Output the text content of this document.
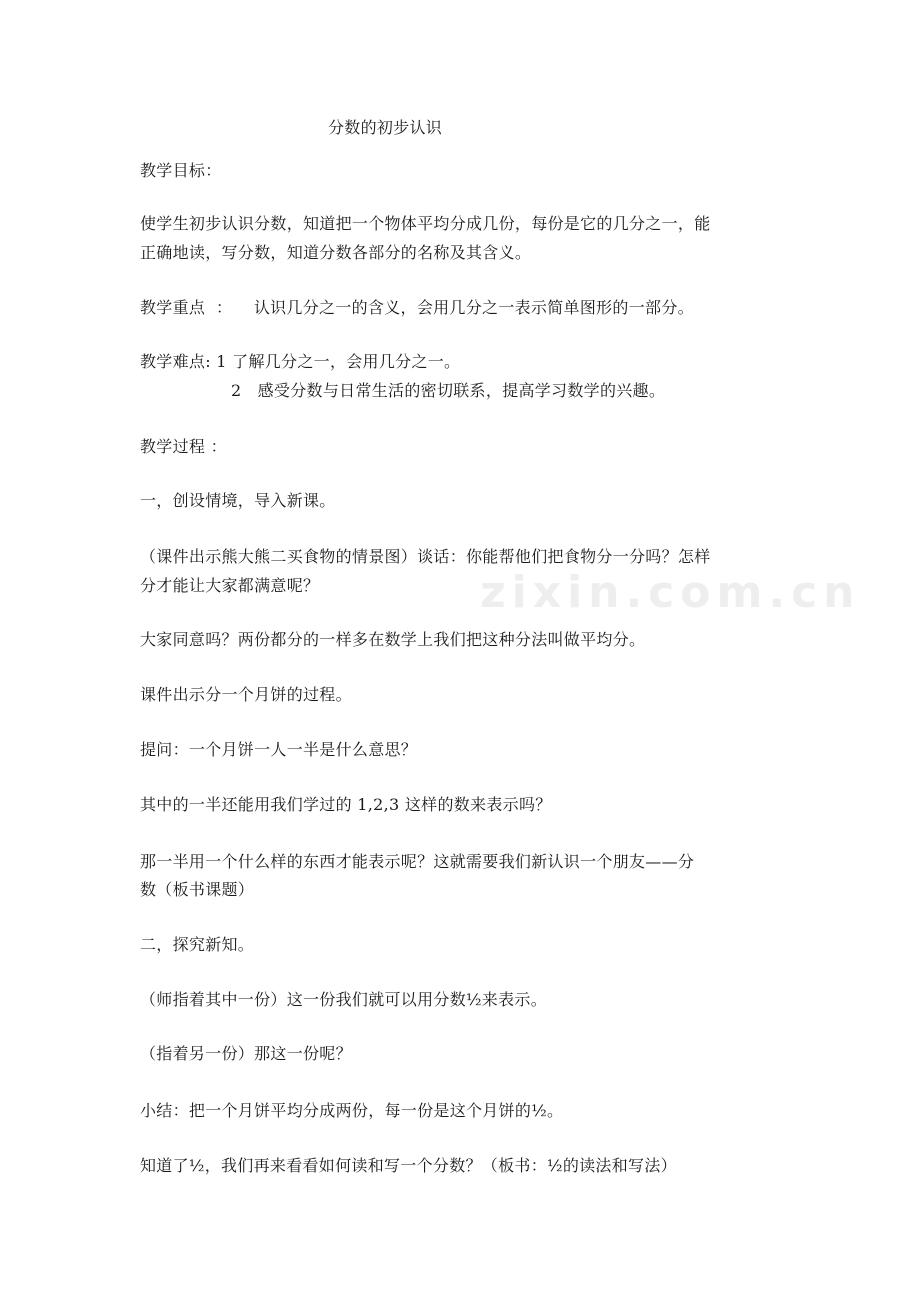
分数的初步认识
教学目标：
使学生初步认识分数，知道把一个物体平均分成几份，每份是它的几分之一，能
正确地读，写分数，知道分数各部分的名称及其含义。
教学重点  ：    认识几分之一的含义，会用几分之一表示简单图形的一部分。
教学难点: 1 了解几分之一，会用几分之一。
2   感受分数与日常生活的密切联系，提高学习数学的兴趣。
教学过程 ：
一，创设情境，导入新课。
（课件出示熊大熊二买食物的情景图）谈话：你能帮他们把食物分一分吗？怎样
分才能让大家都满意呢？
大家同意吗？两份都分的一样多在数学上我们把这种分法叫做平均分。
课件出示分一个月饼的过程。
提问：一个月饼一人一半是什么意思？
其中的一半还能用我们学过的 1,2,3 这样的数来表示吗？
那一半用一个什么样的东西才能表示呢？这就需要我们新认识一个朋友——分
数（板书课题）
二，探究新知。
（师指着其中一份）这一份我们就可以用分数½来表示。
（指着另一份）那这一份呢？
小结：把一个月饼平均分成两份，每一份是这个月饼的½。
知道了½，我们再来看看如何读和写一个分数？（板书：½的读法和写法）
zixin.com.cn
